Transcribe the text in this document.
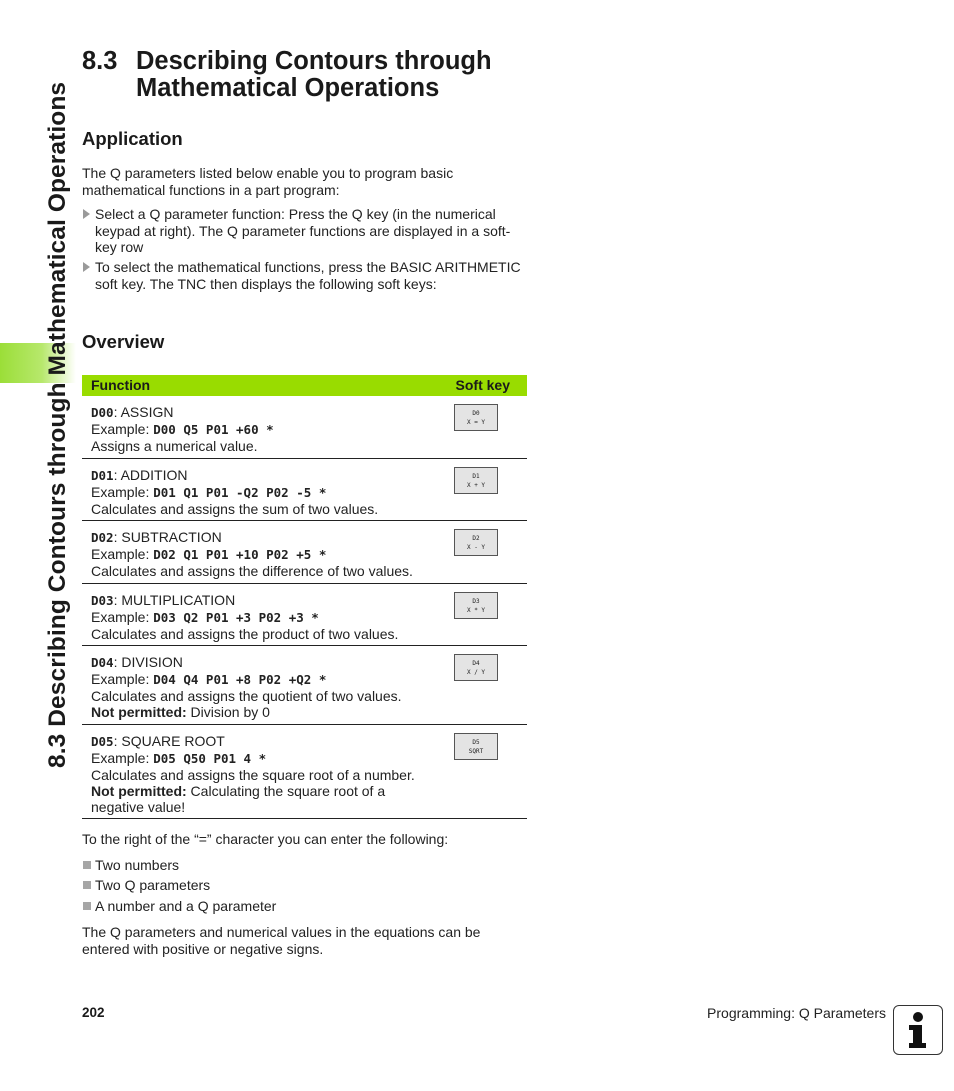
8.3 Describing Contours through Mathematical Operations
8.3 Describing Contours through
Mathematical Operations
Application

The Q parameters listed below enable you to program basic mathematical functions in a part program:

Select a Q parameter function: Press the Q key (in the numerical keypad at right). The Q parameter functions are displayed in a soft-key row
To select the mathematical functions, press the BASIC ARITHMETIC soft key. The TNC then displays the following soft keys:
Overview
Function	Soft key
D00: ASSIGN
Example: D00 Q5 P01 +60 *
Assigns a numerical value.
D0
X = Y
D01: ADDITION
Example: D01 Q1 P01 -Q2 P02 -5 *
Calculates and assigns the sum of two values.
D1
X + Y
D02: SUBTRACTION
Example: D02 Q1 P01 +10 P02 +5 *
Calculates and assigns the difference of two values.
D2
X - Y
D03: MULTIPLICATION
Example: D03 Q2 P01 +3 P02 +3 *
Calculates and assigns the product of two values.
D3
X * Y
D04: DIVISION
Example: D04 Q4 P01 +8 P02 +Q2 *
Calculates and assigns the quotient of two values.
Not permitted: Division by 0
D4
X / Y
D05: SQUARE ROOT
Example: D05 Q50 P01 4 *
Calculates and assigns the square root of a number.
Not permitted: Calculating the square root of a negative value!
D5
SQRT

To the right of the “=” character you can enter the following:

Two numbers
Two Q parameters
A number and a Q parameter

The Q parameters and numerical values in the equations can be entered with positive or negative signs.

202	Programming: Q Parameters
